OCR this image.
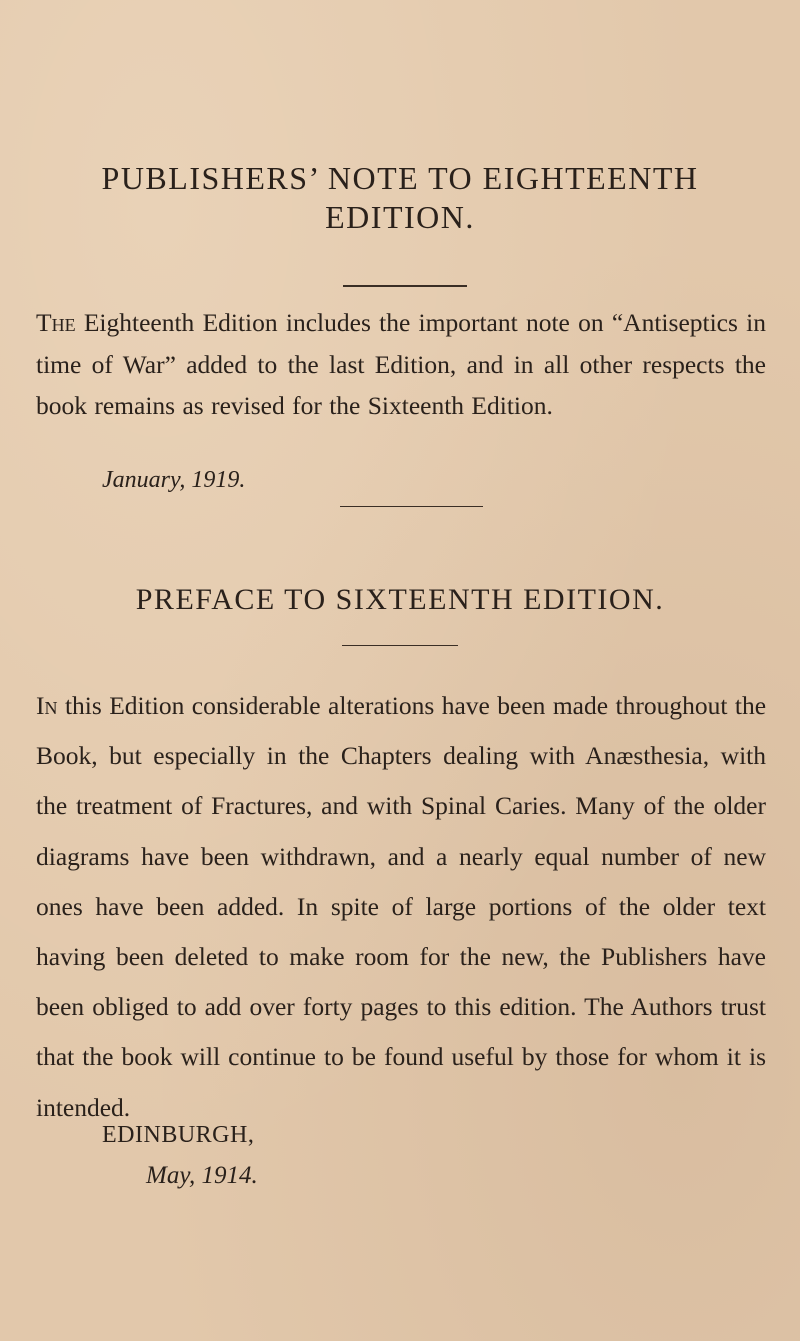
PUBLISHERS’ NOTE TO EIGHTEENTH
EDITION.
The Eighteenth Edition includes the important note on “Antiseptics in time of War” added to the last Edition, and in all other respects the book remains as revised for the Sixteenth Edition.
January, 1919.
PREFACE TO SIXTEENTH EDITION.
In this Edition considerable alterations have been made throughout the Book, but especially in the Chapters dealing with Anæsthesia, with the treatment of Fractures, and with Spinal Caries. Many of the older diagrams have been withdrawn, and a nearly equal number of new ones have been added. In spite of large portions of the older text having been deleted to make room for the new, the Publishers have been obliged to add over forty pages to this edition. The Authors trust that the book will continue to be found useful by those for whom it is intended.
EDINBURGH,
May, 1914.
